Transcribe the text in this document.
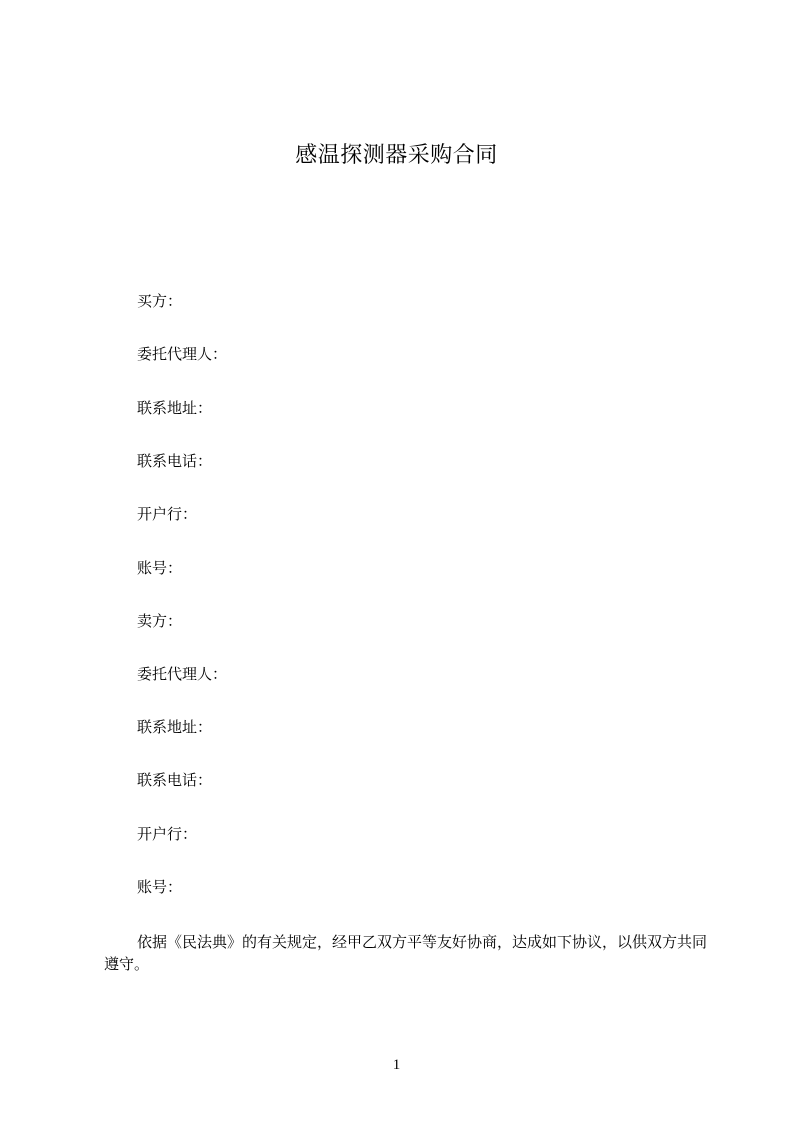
感温探测器采购合同
买方：
委托代理人：
联系地址：
联系电话：
开户行：
账号：
卖方：
委托代理人：
联系地址：
联系电话：
开户行：
账号：
依据《民法典》的有关规定，经甲乙双方平等友好协商，达成如下协议，以供双方共同遵守。
1
